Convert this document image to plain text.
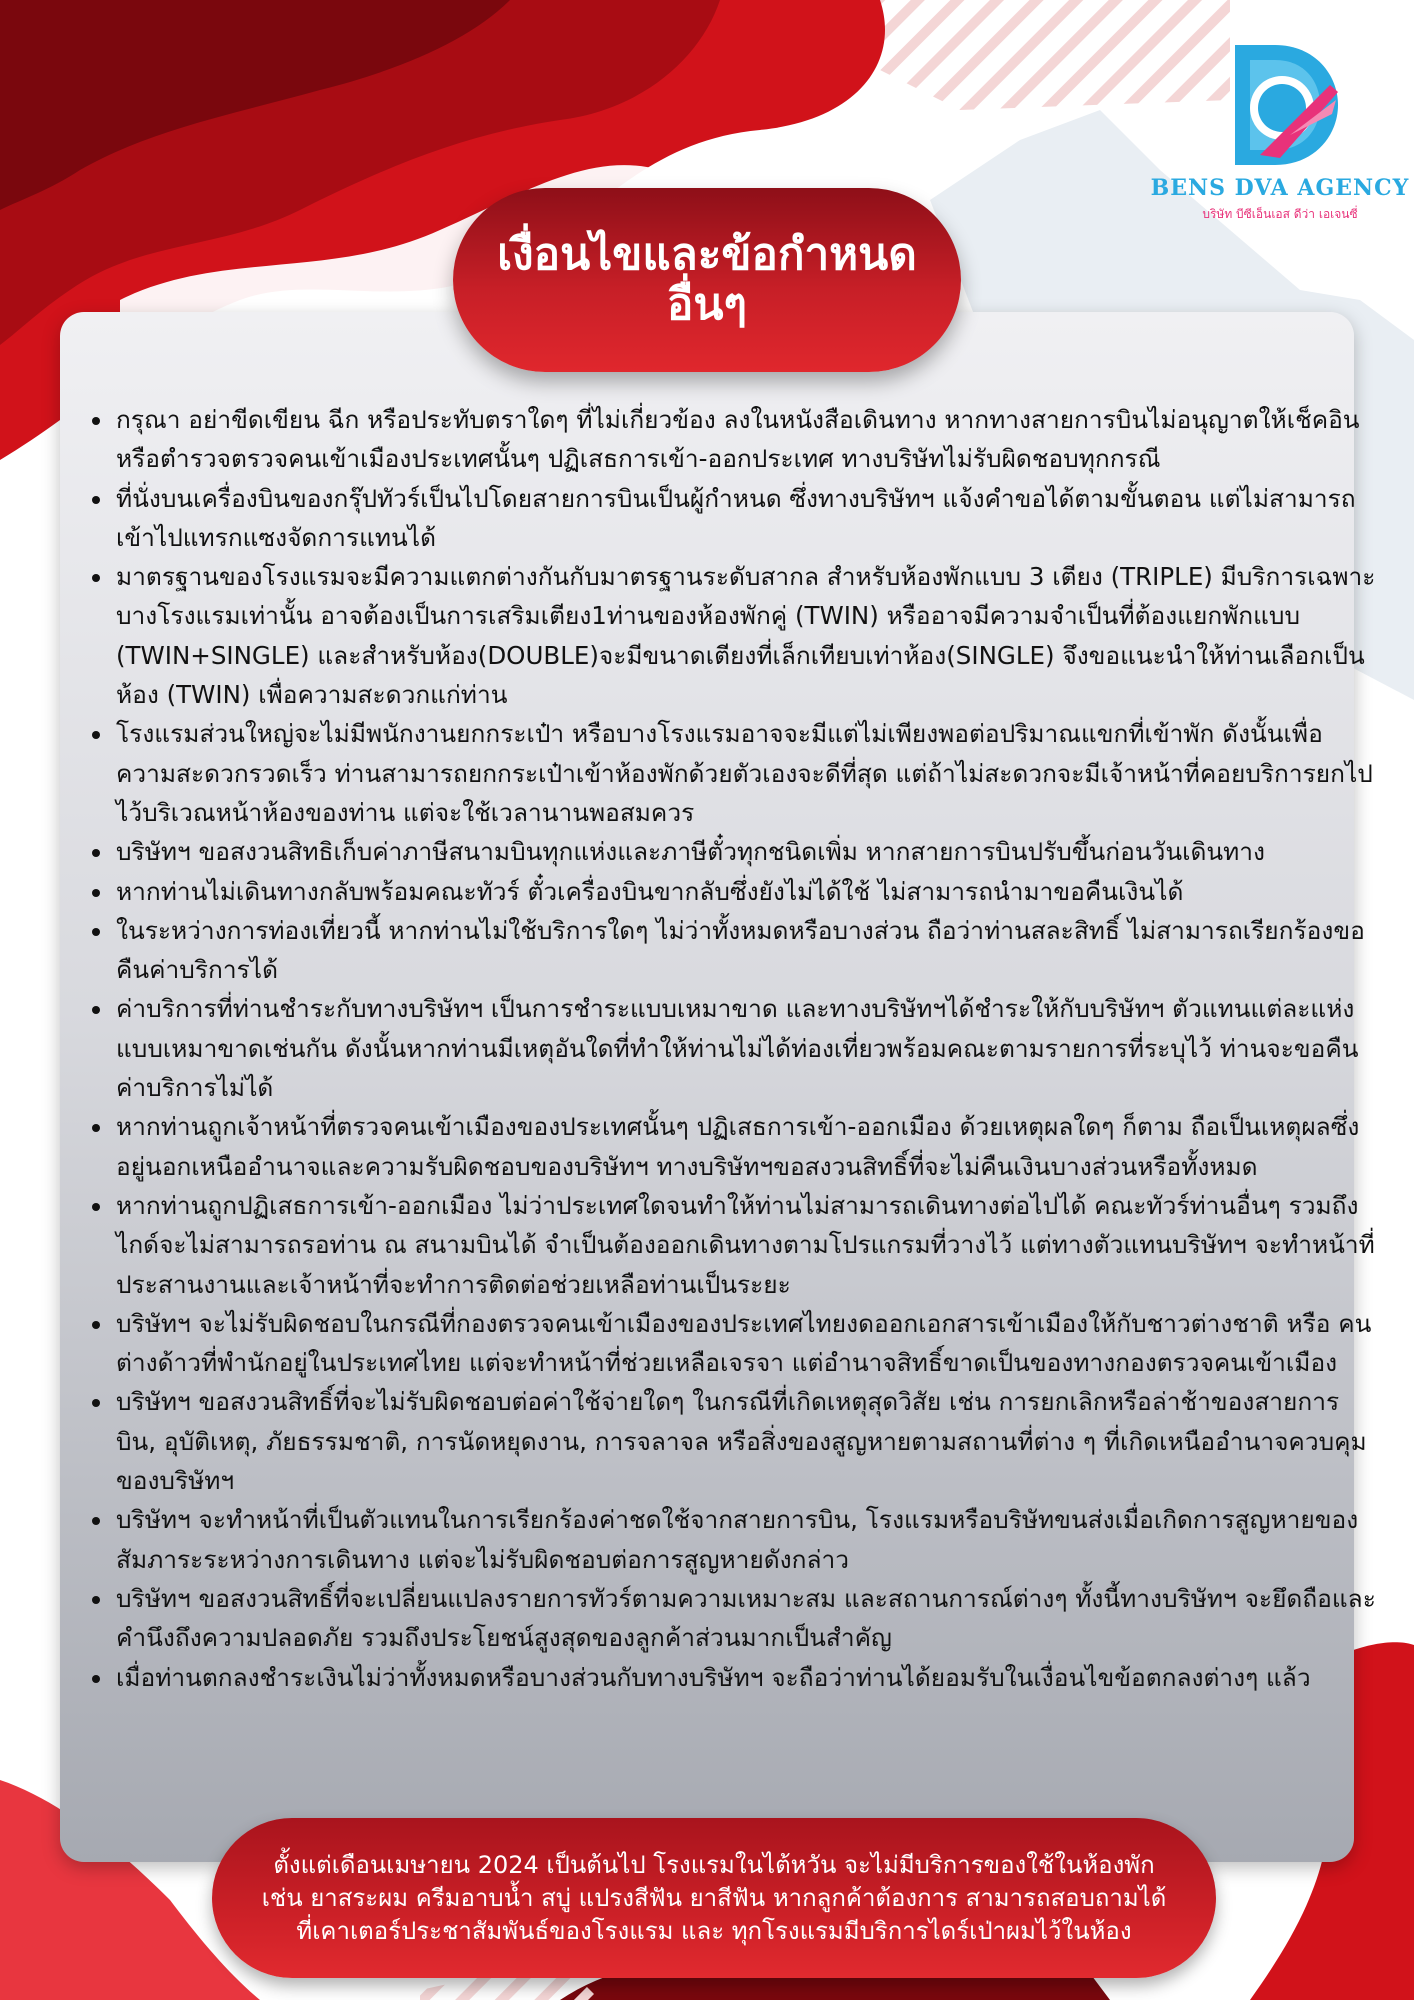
BENS DVA AGENCY
บริษัท บีซีเอ็นเอส ดีว่า เอเจนซี่
เงื่อนไขและข้อกำหนด
อื่นๆ
• กรุณา อย่าขีดเขียน ฉีก หรือประทับตราใดๆ ที่ไม่เกี่ยวข้อง ลงในหนังสือเดินทาง หากทางสายการบินไม่อนุญาตให้เช็คอิน หรือตำรวจตรวจคนเข้าเมืองประเทศนั้นๆ ปฏิเสธการเข้า-ออกประเทศ ทางบริษัทไม่รับผิดชอบทุกกรณี
• ที่นั่งบนเครื่องบินของกรุ๊ปทัวร์เป็นไปโดยสายการบินเป็นผู้กำหนด ซึ่งทางบริษัทฯ แจ้งคำขอได้ตามขั้นตอน แต่ไม่สามารถเข้าไปแทรกแซงจัดการแทนได้
• มาตรฐานของโรงแรมจะมีความแตกต่างกันกับมาตรฐานระดับสากล สำหรับห้องพักแบบ 3 เตียง (TRIPLE) มีบริการเฉพาะบางโรงแรมเท่านั้น อาจต้องเป็นการเสริมเตียง1ท่านของห้องพักคู่ (TWIN) หรืออาจมีความจำเป็นที่ต้องแยกพักแบบ (TWIN+SINGLE) และสำหรับห้อง(DOUBLE)จะมีขนาดเตียงที่เล็กเทียบเท่าห้อง(SINGLE) จึงขอแนะนำให้ท่านเลือกเป็นห้อง (TWIN) เพื่อความสะดวกแก่ท่าน
• โรงแรมส่วนใหญ่จะไม่มีพนักงานยกกระเป๋า หรือบางโรงแรมอาจจะมีแต่ไม่เพียงพอต่อปริมาณแขกที่เข้าพัก ดังนั้นเพื่อความสะดวกรวดเร็ว ท่านสามารถยกกระเป๋าเข้าห้องพักด้วยตัวเองจะดีที่สุด แต่ถ้าไม่สะดวกจะมีเจ้าหน้าที่คอยบริการยกไปไว้บริเวณหน้าห้องของท่าน แต่จะใช้เวลานานพอสมควร
• บริษัทฯ ขอสงวนสิทธิเก็บค่าภาษีสนามบินทุกแห่งและภาษีตั๋วทุกชนิดเพิ่ม หากสายการบินปรับขึ้นก่อนวันเดินทาง
• หากท่านไม่เดินทางกลับพร้อมคณะทัวร์ ตั๋วเครื่องบินขากลับซึ่งยังไม่ได้ใช้ ไม่สามารถนำมาขอคืนเงินได้
• ในระหว่างการท่องเที่ยวนี้ หากท่านไม่ใช้บริการใดๆ ไม่ว่าทั้งหมดหรือบางส่วน ถือว่าท่านสละสิทธิ์ ไม่สามารถเรียกร้องขอคืนค่าบริการได้
• ค่าบริการที่ท่านชำระกับทางบริษัทฯ เป็นการชำระแบบเหมาขาด และทางบริษัทฯได้ชำระให้กับบริษัทฯ ตัวแทนแต่ละแห่งแบบเหมาขาดเช่นกัน ดังนั้นหากท่านมีเหตุอันใดที่ทำให้ท่านไม่ได้ท่องเที่ยวพร้อมคณะตามรายการที่ระบุไว้ ท่านจะขอคืนค่าบริการไม่ได้
• หากท่านถูกเจ้าหน้าที่ตรวจคนเข้าเมืองของประเทศนั้นๆ ปฏิเสธการเข้า-ออกเมือง ด้วยเหตุผลใดๆ ก็ตาม ถือเป็นเหตุผลซึ่งอยู่นอกเหนืออำนาจและความรับผิดชอบของบริษัทฯ ทางบริษัทฯขอสงวนสิทธิ์ที่จะไม่คืนเงินบางส่วนหรือทั้งหมด
• หากท่านถูกปฏิเสธการเข้า-ออกเมือง ไม่ว่าประเทศใดจนทำให้ท่านไม่สามารถเดินทางต่อไปได้ คณะทัวร์ท่านอื่นๆ รวมถึงไกด์จะไม่สามารถรอท่าน ณ สนามบินได้ จำเป็นต้องออกเดินทางตามโปรแกรมที่วางไว้ แต่ทางตัวแทนบริษัทฯ จะทำหน้าที่ประสานงานและเจ้าหน้าที่จะทำการติดต่อช่วยเหลือท่านเป็นระยะ
• บริษัทฯ จะไม่รับผิดชอบในกรณีที่กองตรวจคนเข้าเมืองของประเทศไทยงดออกเอกสารเข้าเมืองให้กับชาวต่างชาติ หรือ คนต่างด้าวที่พำนักอยู่ในประเทศไทย แต่จะทำหน้าที่ช่วยเหลือเจรจา แต่อำนาจสิทธิ์ขาดเป็นของทางกองตรวจคนเข้าเมือง
• บริษัทฯ ขอสงวนสิทธิ์ที่จะไม่รับผิดชอบต่อค่าใช้จ่ายใดๆ ในกรณีที่เกิดเหตุสุดวิสัย เช่น การยกเลิกหรือล่าช้าของสายการบิน, อุบัติเหตุ, ภัยธรรมชาติ, การนัดหยุดงาน, การจลาจล หรือสิ่งของสูญหายตามสถานที่ต่าง ๆ ที่เกิดเหนืออำนาจควบคุมของบริษัทฯ
• บริษัทฯ จะทำหน้าที่เป็นตัวแทนในการเรียกร้องค่าชดใช้จากสายการบิน, โรงแรมหรือบริษัทขนส่งเมื่อเกิดการสูญหายของ สัมภาระระหว่างการเดินทาง แต่จะไม่รับผิดชอบต่อการสูญหายดังกล่าว
• บริษัทฯ ขอสงวนสิทธิ์ที่จะเปลี่ยนแปลงรายการทัวร์ตามความเหมาะสม และสถานการณ์ต่างๆ ทั้งนี้ทางบริษัทฯ จะยึดถือและคำนึงถึงความปลอดภัย รวมถึงประโยชน์สูงสุดของลูกค้าส่วนมากเป็นสำคัญ
• เมื่อท่านตกลงชำระเงินไม่ว่าทั้งหมดหรือบางส่วนกับทางบริษัทฯ จะถือว่าท่านได้ยอมรับในเงื่อนไขข้อตกลงต่างๆ แล้ว
ตั้งแต่เดือนเมษายน 2024 เป็นต้นไป โรงแรมในไต้หวัน จะไม่มีบริการของใช้ในห้องพัก
เช่น ยาสระผม ครีมอาบน้ำ สบู่ แปรงสีฟัน ยาสีฟัน หากลูกค้าต้องการ สามารถสอบถามได้
ที่เคาเตอร์ประชาสัมพันธ์ของโรงแรม และ ทุกโรงแรมมีบริการไดร์เป่าผมไว้ในห้อง
